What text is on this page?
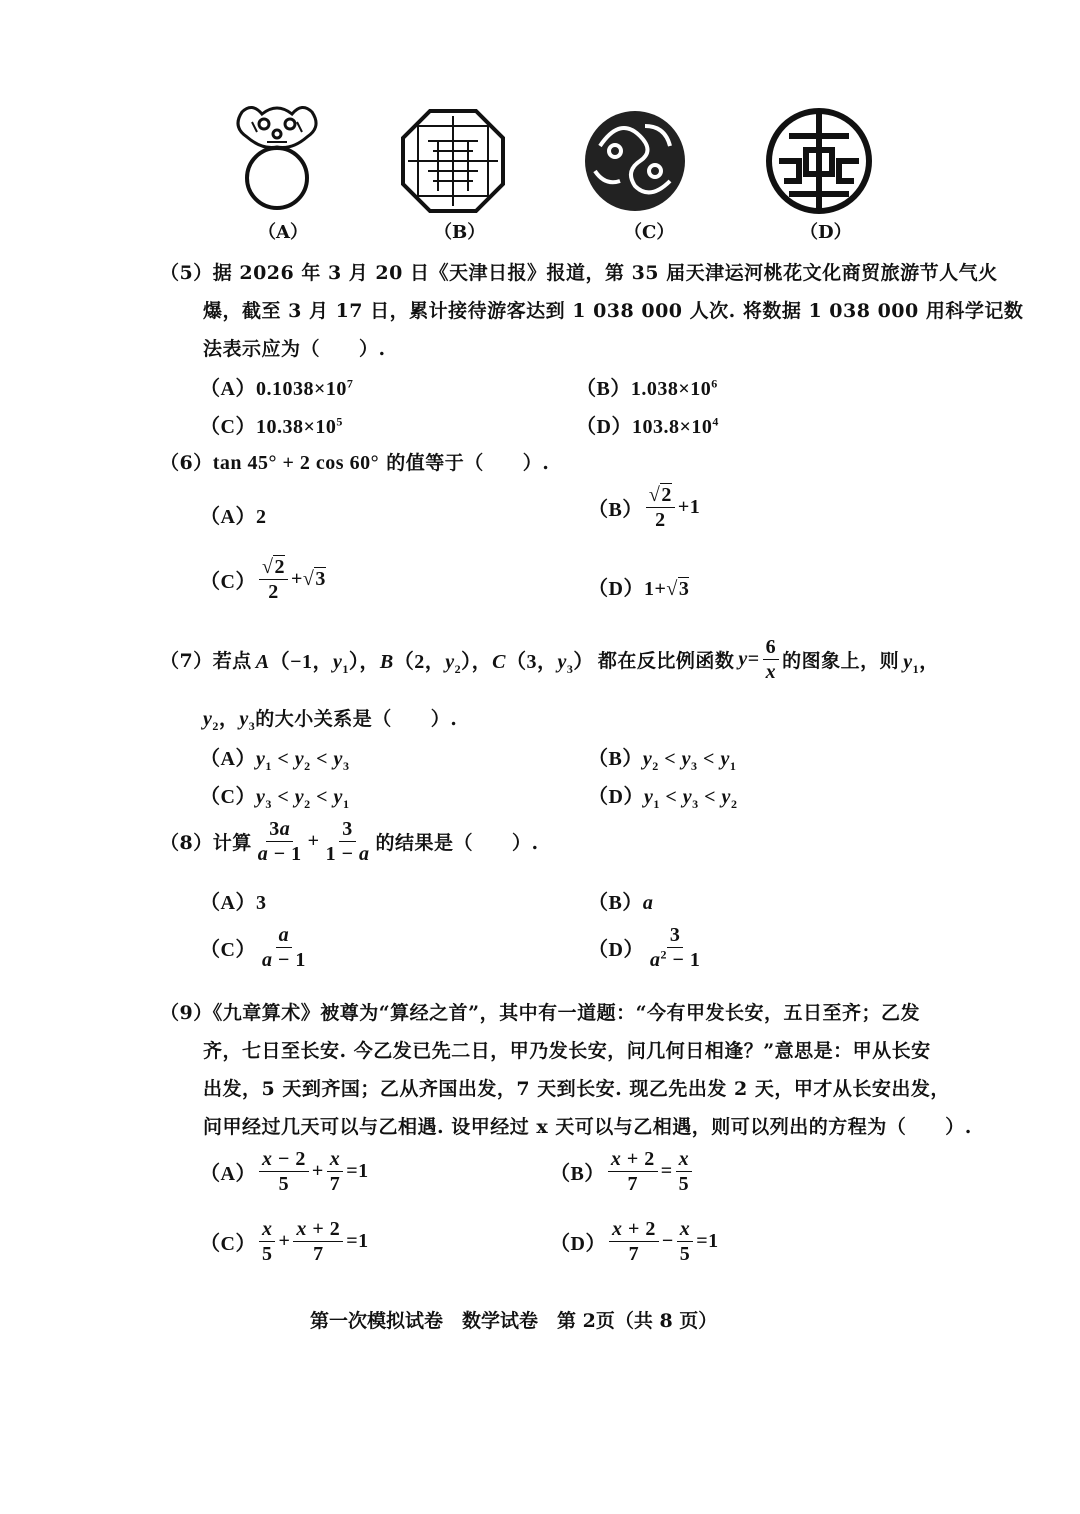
（A）	（B）	（C）	（D）
（5）据 2026 年 3 月 20 日《天津日报》报道，第 35 届天津运河桃花文化商贸旅游节人气火
爆，截至 3 月 17 日，累计接待游客达到 1 038 000 人次. 将数据 1 038 000 用科学记数
法表示应为（　　）.
$(A)0.1038\times 10^7$	$(B)1.038\times 10^6$
$(C)10.38\times 10^5$	$(D)103.8\times 10^4$
（6）tan 45° + 2 cos 60° 的值等于（　　）.
（A）2	$(B) \frac{√2}{2} +1$
$(C) \frac{√2}{2} +√3$	（D）1+√3
（7） 若点 A（−1，$y_1$），B（2，$y_2$），C（3，$y_3$） 都在反比例函数 $y= \frac{6}{x}$ 的图象上，则 $y_1$，
$y_2$，$y_3$的大小关系是（　　）.
$(A)y_1 < y_2 < y_3$	$(B)y_2 < y_3 < y_1$
$(C)y_3 < y_2 < y_1$	$(D)y_1 < y_3 < y_2$
（8） 计算 $\frac{3a}{a - 1} + \frac{3}{1 - a}$ 的结果是（　　）.
（A）3	（B）a
$(C) \frac{a}{a - 1}$	$(D) \frac{3}{a^2 - 1}$
（9）《九章算术》被尊为“算经之首”，其中有一道题：“今有甲发长安，五日至齐；乙发
齐，七日至长安. 今乙发已先二日，甲乃发长安，问几何日相逢？”意思是：甲从长安
出发，5 天到齐国；乙从齐国出发，7 天到长安. 现乙先出发 2 天，甲才从长安出发，
问甲经过几天可以与乙相遇. 设甲经过 x 天可以与乙相遇，则可以列出的方程为（　　）.
$(A) \frac{x - 2}{5} + \frac{x}{7} =1$	$(B) \frac{x + 2}{7} = \frac{x}{5}$
$(C) \frac{x}{5} + \frac{x + 2}{7} =1$	$(D) \frac{x + 2}{7} - \frac{x}{5} =1$
第一次模拟试卷　数学试卷　第 2页（共 8 页）
